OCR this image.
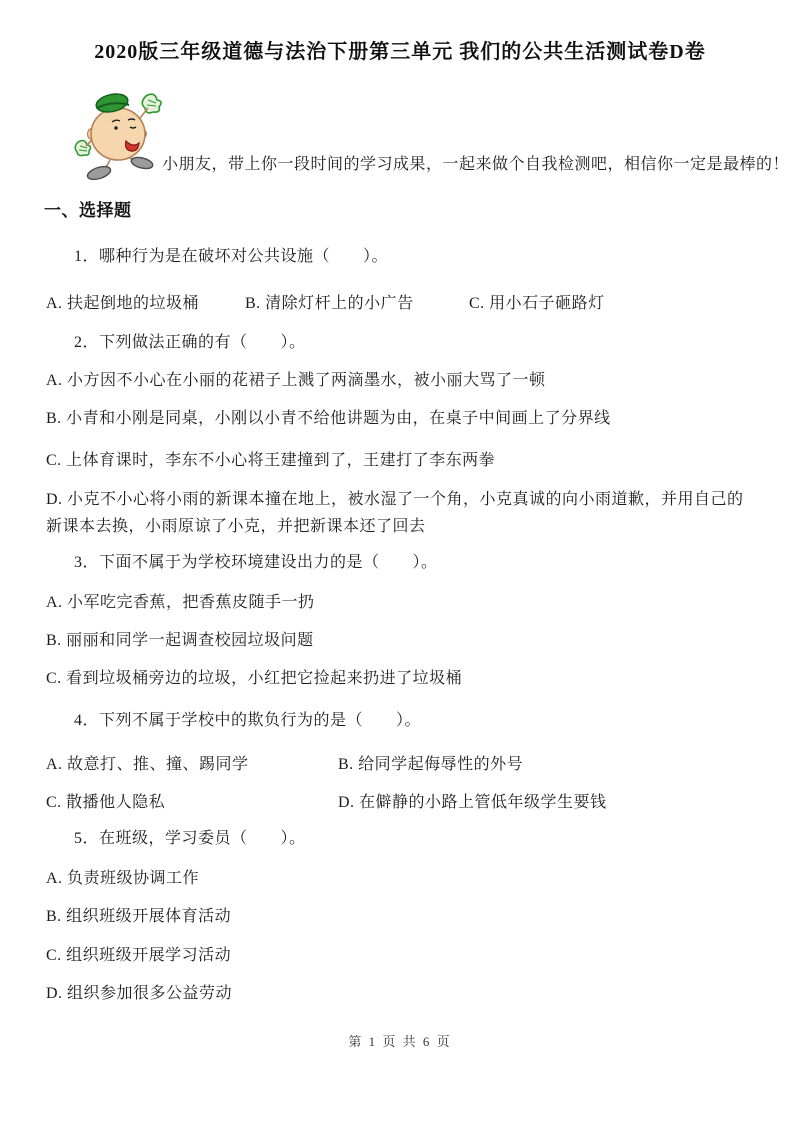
2020版三年级道德与法治下册第三单元 我们的公共生活测试卷D卷
小朋友，带上你一段时间的学习成果，一起来做个自我检测吧，相信你一定是最棒的！
一、选择题
1．哪种行为是在破坏对公共设施（　　）。
A. 扶起倒地的垃圾桶	B. 清除灯杆上的小广告	C. 用小石子砸路灯
2．下列做法正确的有（　　）。
A. 小方因不小心在小丽的花裙子上溅了两滴墨水，被小丽大骂了一顿
B. 小青和小刚是同桌，小刚以小青不给他讲题为由，在桌子中间画上了分界线
C. 上体育课时，李东不小心将王建撞到了，王建打了李东两拳
D. 小克不小心将小雨的新课本撞在地上，被水湿了一个角，小克真诚的向小雨道歉，并用自己的新课本去换，小雨原谅了小克，并把新课本还了回去
3．下面不属于为学校环境建设出力的是（　　）。
A. 小军吃完香蕉，把香蕉皮随手一扔
B. 丽丽和同学一起调查校园垃圾问题
C. 看到垃圾桶旁边的垃圾，小红把它捡起来扔进了垃圾桶
4．下列不属于学校中的欺负行为的是（　　）。
A. 故意打、推、撞、踢同学	B. 给同学起侮辱性的外号
C. 散播他人隐私	D. 在僻静的小路上管低年级学生要钱
5．在班级，学习委员（　　）。
A. 负责班级协调工作
B. 组织班级开展体育活动
C. 组织班级开展学习活动
D. 组织参加很多公益劳动
第 1 页 共 6 页
